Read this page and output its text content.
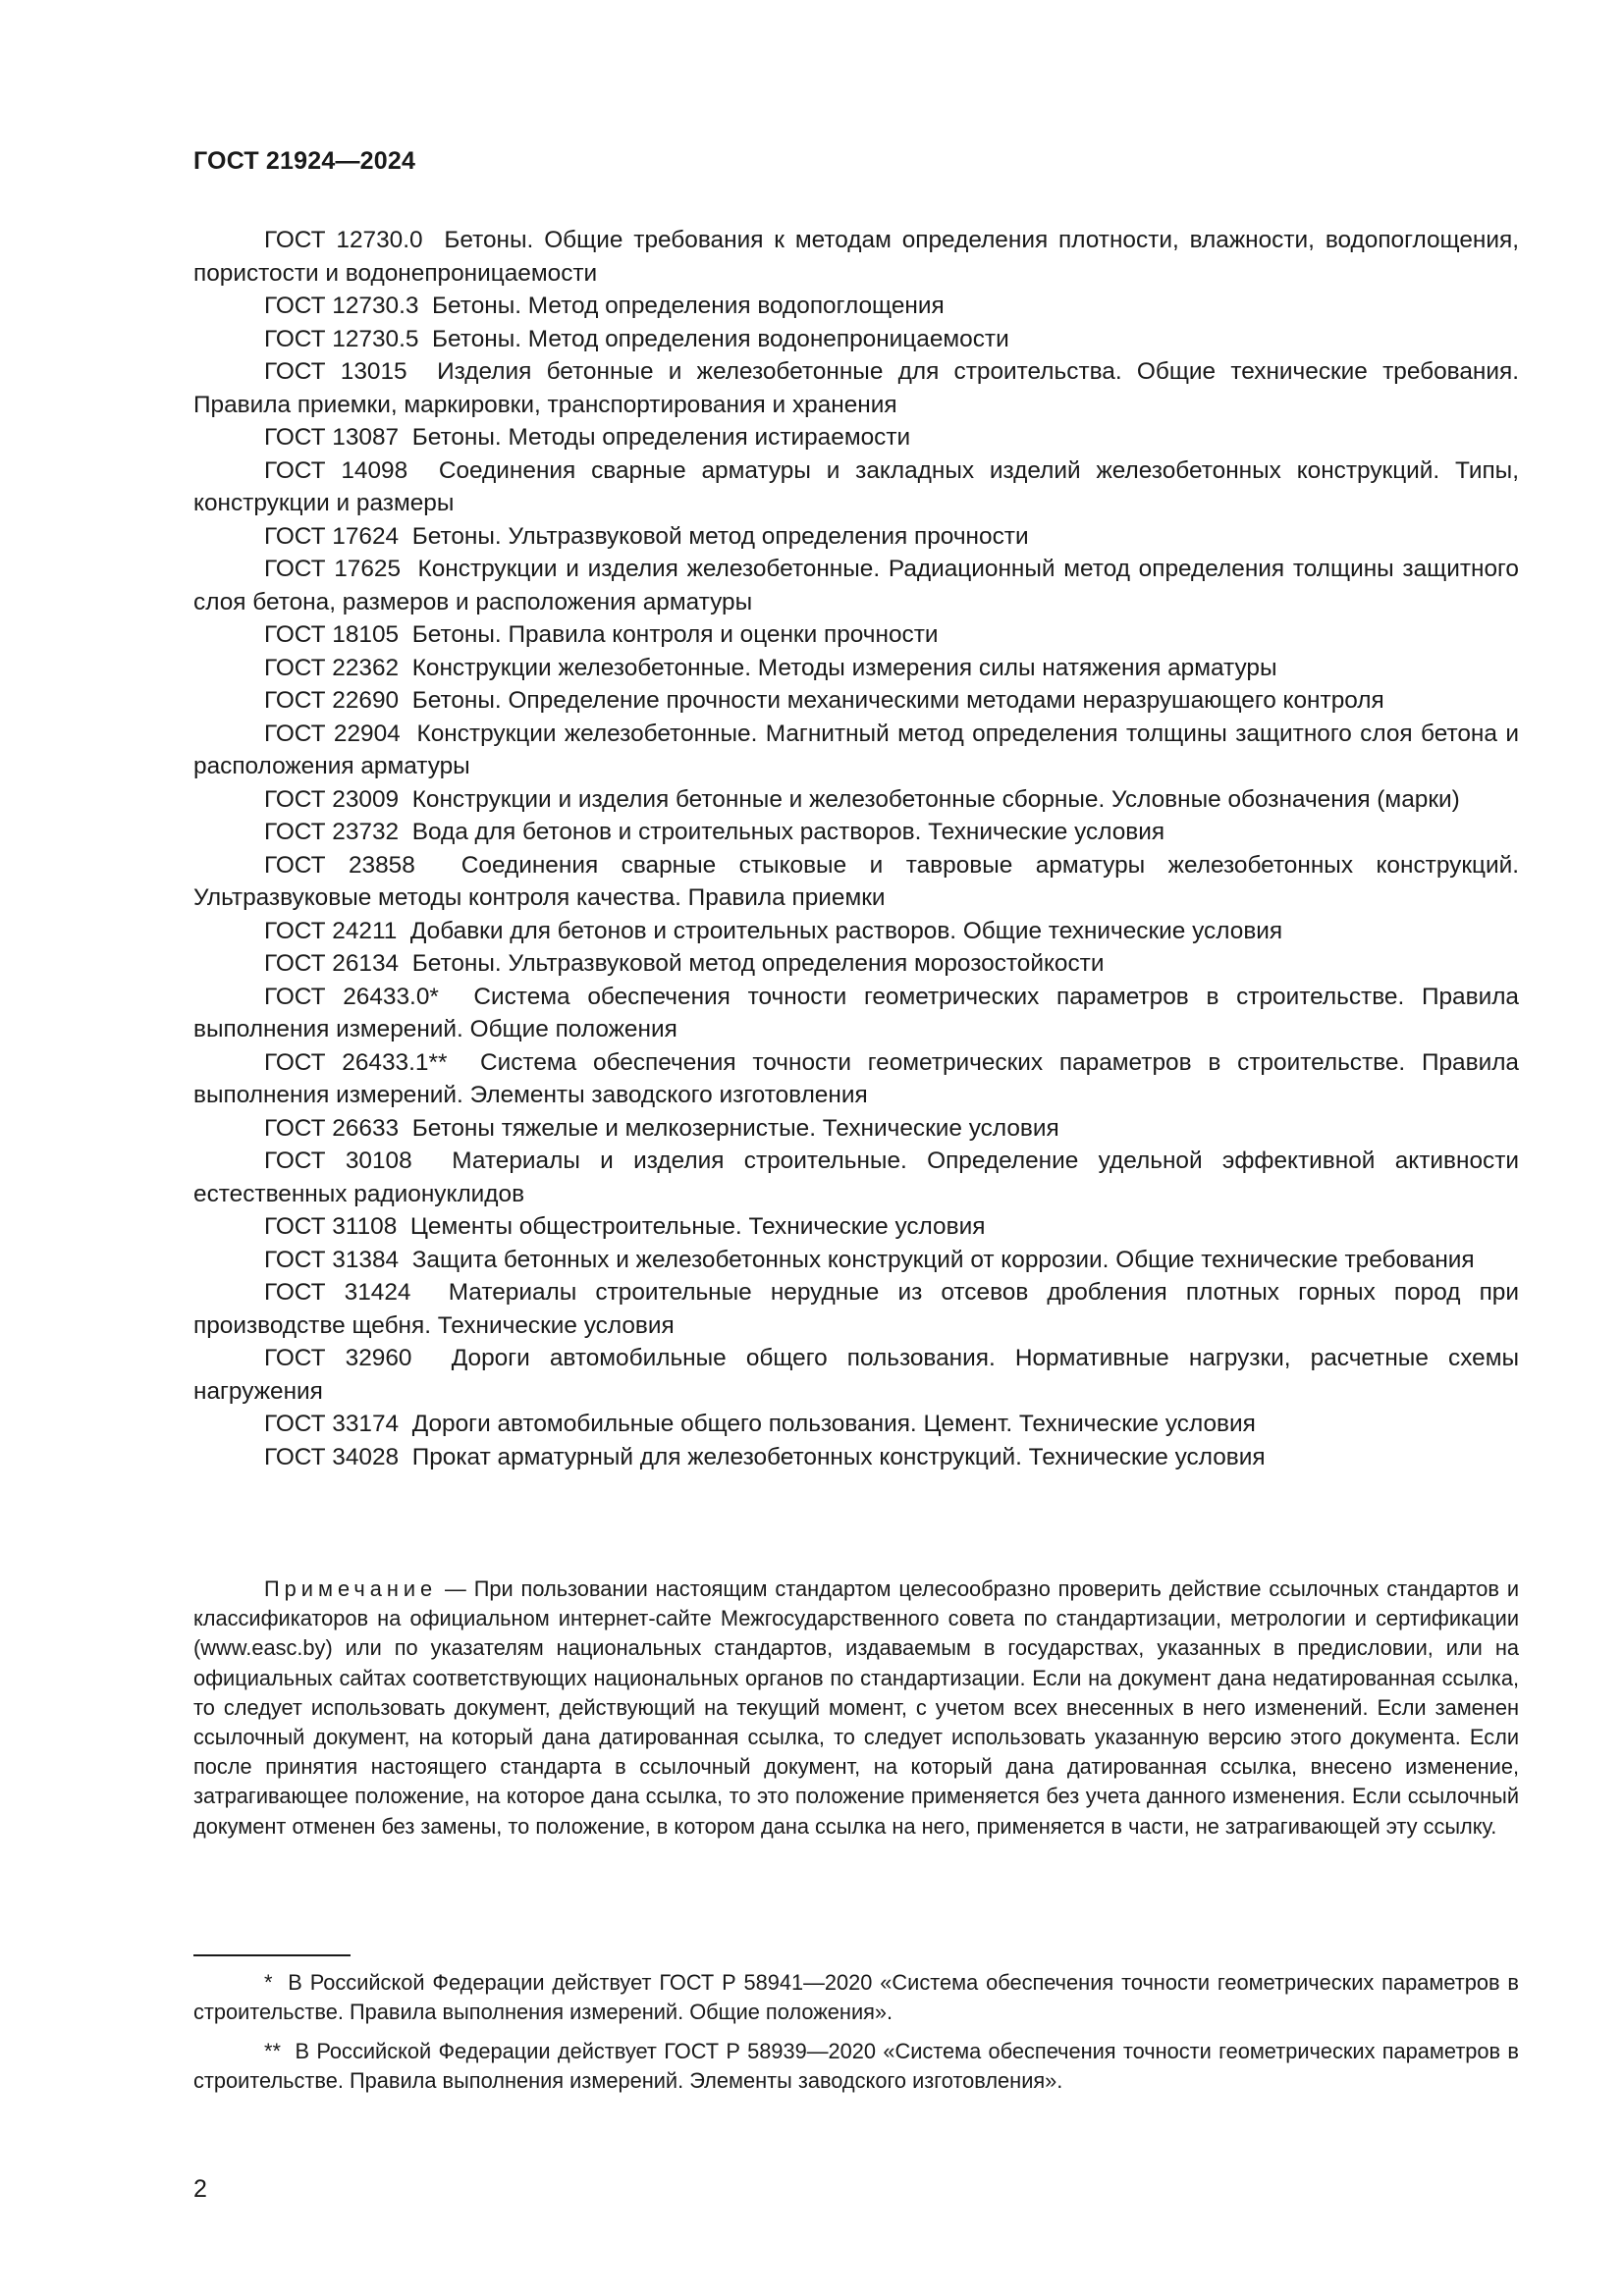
ГОСТ 21924—2024

ГОСТ 12730.0 Бетоны. Общие требования к методам определения плотности, влажности, водопоглощения, пористости и водонепроницаемости

ГОСТ 12730.3 Бетоны. Метод определения водопоглощения

ГОСТ 12730.5 Бетоны. Метод определения водонепроницаемости

ГОСТ 13015 Изделия бетонные и железобетонные для строительства. Общие технические требования. Правила приемки, маркировки, транспортирования и хранения

ГОСТ 13087 Бетоны. Методы определения истираемости

ГОСТ 14098 Соединения сварные арматуры и закладных изделий железобетонных конструкций. Типы, конструкции и размеры

ГОСТ 17624 Бетоны. Ультразвуковой метод определения прочности

ГОСТ 17625 Конструкции и изделия железобетонные. Радиационный метод определения толщины защитного слоя бетона, размеров и расположения арматуры

ГОСТ 18105 Бетоны. Правила контроля и оценки прочности

ГОСТ 22362 Конструкции железобетонные. Методы измерения силы натяжения арматуры

ГОСТ 22690 Бетоны. Определение прочности механическими методами неразрушающего контроля

ГОСТ 22904 Конструкции железобетонные. Магнитный метод определения толщины защитного слоя бетона и расположения арматуры

ГОСТ 23009 Конструкции и изделия бетонные и железобетонные сборные. Условные обозначения (марки)

ГОСТ 23732 Вода для бетонов и строительных растворов. Технические условия

ГОСТ 23858 Соединения сварные стыковые и тавровые арматуры железобетонных конструкций. Ультразвуковые методы контроля качества. Правила приемки

ГОСТ 24211 Добавки для бетонов и строительных растворов. Общие технические условия

ГОСТ 26134 Бетоны. Ультразвуковой метод определения морозостойкости

ГОСТ 26433.0* Система обеспечения точности геометрических параметров в строительстве. Правила выполнения измерений. Общие положения

ГОСТ 26433.1** Система обеспечения точности геометрических параметров в строительстве. Правила выполнения измерений. Элементы заводского изготовления

ГОСТ 26633 Бетоны тяжелые и мелкозернистые. Технические условия

ГОСТ 30108 Материалы и изделия строительные. Определение удельной эффективной активности естественных радионуклидов

ГОСТ 31108 Цементы общестроительные. Технические условия

ГОСТ 31384 Защита бетонных и железобетонных конструкций от коррозии. Общие технические требования

ГОСТ 31424 Материалы строительные нерудные из отсевов дробления плотных горных пород при производстве щебня. Технические условия

ГОСТ 32960 Дороги автомобильные общего пользования. Нормативные нагрузки, расчетные схемы нагружения

ГОСТ 33174 Дороги автомобильные общего пользования. Цемент. Технические условия

ГОСТ 34028 Прокат арматурный для железобетонных конструкций. Технические условия

Примечание — При пользовании настоящим стандартом целесообразно проверить действие ссылочных стандартов и классификаторов на официальном интернет-сайте Межгосударственного совета по стандартизации, метрологии и сертификации (www.easc.by) или по указателям национальных стандартов, издаваемым в государствах, указанных в предисловии, или на официальных сайтах соответствующих национальных органов по стандартизации. Если на документ дана недатированная ссылка, то следует использовать документ, действующий на текущий момент, с учетом всех внесенных в него изменений. Если заменен ссылочный документ, на который дана датированная ссылка, то следует использовать указанную версию этого документа. Если после принятия настоящего стандарта в ссылочный документ, на который дана датированная ссылка, внесено изменение, затрагивающее положение, на которое дана ссылка, то это положение применяется без учета данного изменения. Если ссылочный документ отменен без замены, то положение, в котором дана ссылка на него, применяется в части, не затрагивающей эту ссылку.

* В Российской Федерации действует ГОСТ Р 58941—2020 «Система обеспечения точности геометрических параметров в строительстве. Правила выполнения измерений. Общие положения».

** В Российской Федерации действует ГОСТ Р 58939—2020 «Система обеспечения точности геометрических параметров в строительстве. Правила выполнения измерений. Элементы заводского изготовления».

2
